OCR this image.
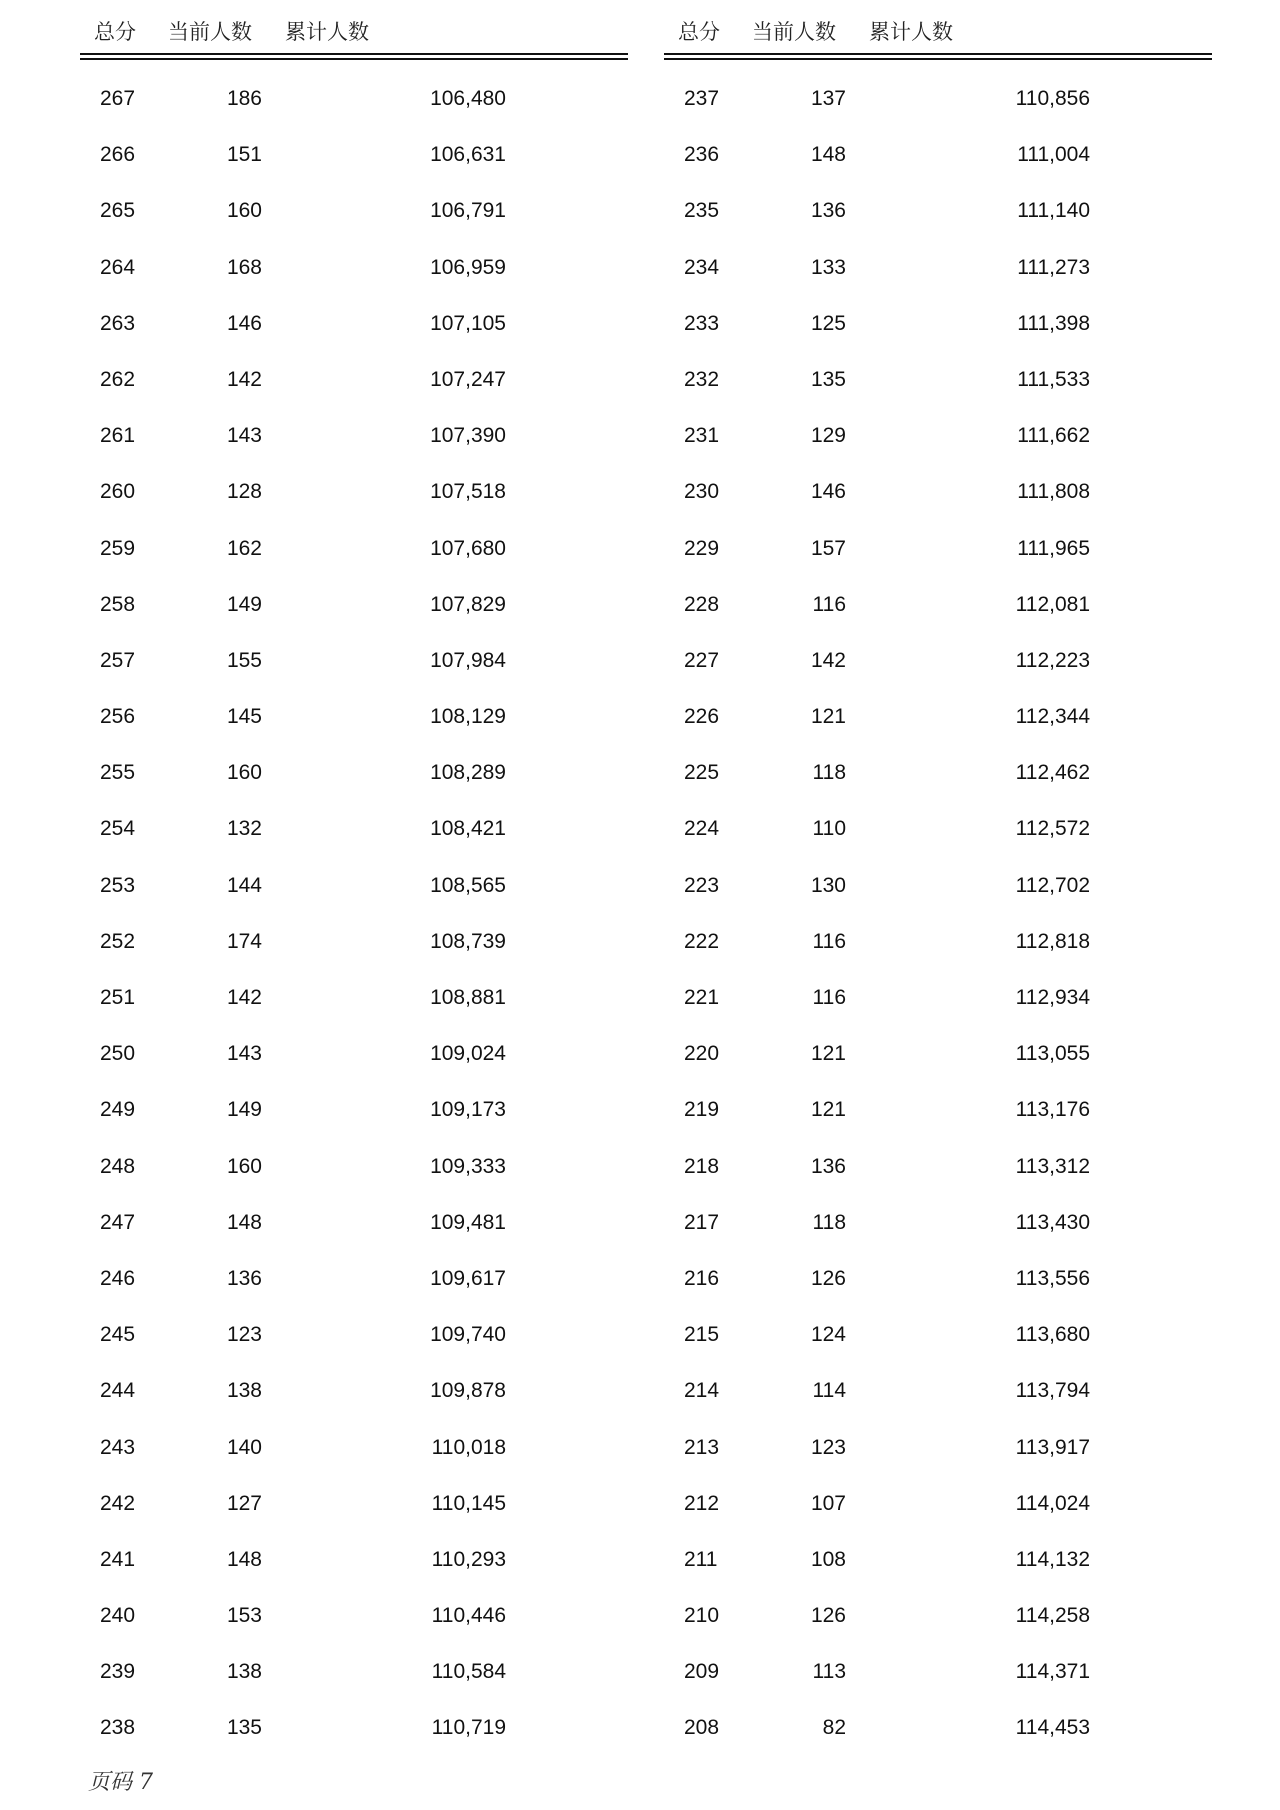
总分 当前人数 累计人数
267	186	106,480
266	151	106,631
265	160	106,791
264	168	106,959
263	146	107,105
262	142	107,247
261	143	107,390
260	128	107,518
259	162	107,680
258	149	107,829
257	155	107,984
256	145	108,129
255	160	108,289
254	132	108,421
253	144	108,565
252	174	108,739
251	142	108,881
250	143	109,024
249	149	109,173
248	160	109,333
247	148	109,481
246	136	109,617
245	123	109,740
244	138	109,878
243	140	110,018
242	127	110,145
241	148	110,293
240	153	110,446
239	138	110,584
238	135	110,719
总分 当前人数 累计人数
237	137	110,856
236	148	111,004
235	136	111,140
234	133	111,273
233	125	111,398
232	135	111,533
231	129	111,662
230	146	111,808
229	157	111,965
228	116	112,081
227	142	112,223
226	121	112,344
225	118	112,462
224	110	112,572
223	130	112,702
222	116	112,818
221	116	112,934
220	121	113,055
219	121	113,176
218	136	113,312
217	118	113,430
216	126	113,556
215	124	113,680
214	114	113,794
213	123	113,917
212	107	114,024
211	108	114,132
210	126	114,258
209	113	114,371
208	82	114,453
页码 7
